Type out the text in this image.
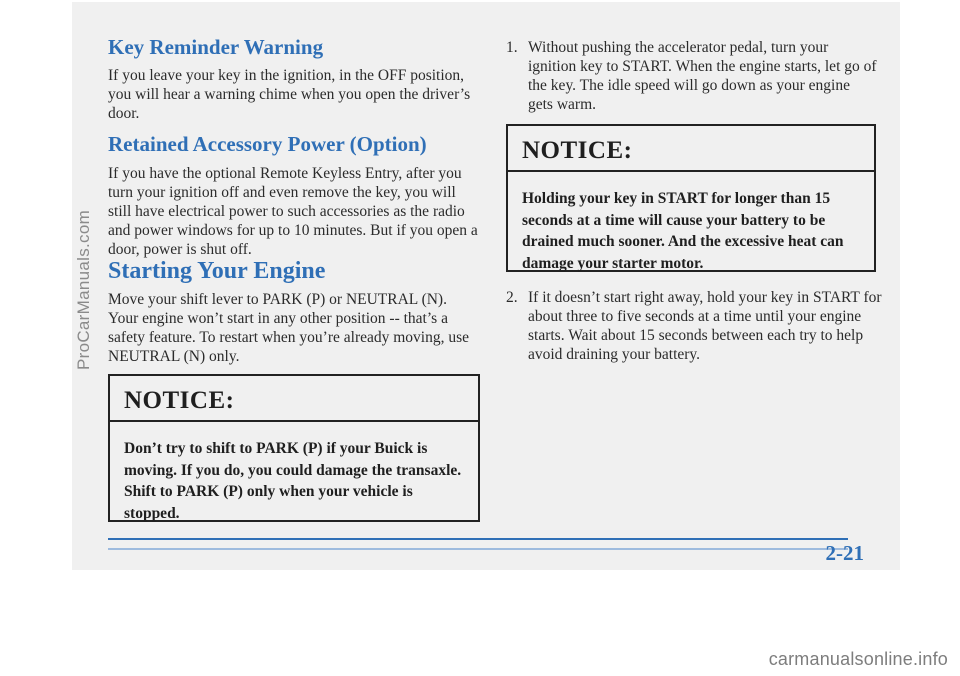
Key Reminder Warning

If you leave your key in the ignition, in the OFF position, you will hear a warning chime when you open the driver’s door.

Retained Accessory Power (Option)

If you have the optional Remote Keyless Entry, after you turn your ignition off and even remove the key, you will still have electrical power to such accessories as the radio and power windows for up to 10 minutes. But if you open a door, power is shut off.

Starting Your Engine

Move your shift lever to PARK (P) or NEUTRAL (N). Your engine won’t start in any other position -- that’s a safety feature. To restart when you’re already moving, use NEUTRAL (N) only.

NOTICE:
Don’t try to shift to PARK (P) if your Buick is moving. If you do, you could damage the transaxle. Shift to PARK (P) only when your vehicle is stopped.
1. Without pushing the accelerator pedal, turn your ignition key to START. When the engine starts, let go of the key. The idle speed will go down as your engine gets warm.
NOTICE:
Holding your key in START for longer than 15 seconds at a time will cause your battery to be drained much sooner. And the excessive heat can damage your starter motor.
2. If it doesn’t start right away, hold your key in START for about three to five seconds at a time until your engine starts. Wait about 15 seconds between each try to help avoid draining your battery.
2-21
ProCarManuals.com
carmanualsonline.info
